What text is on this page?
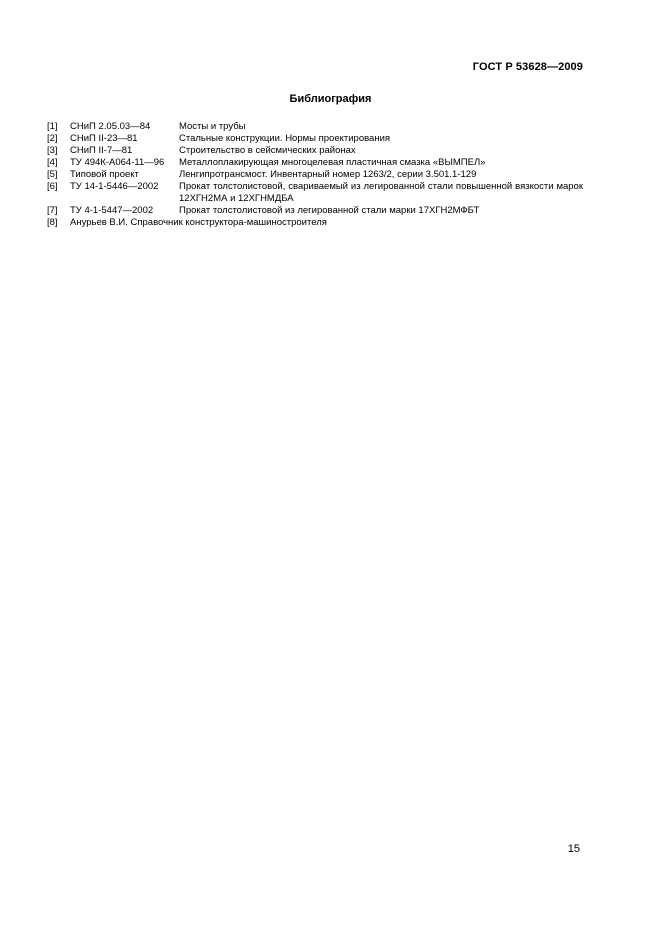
ГОСТ Р 53628—2009
Библиография
[1]	СНиП 2.05.03—84	Мосты и трубы
[2]	СНиП II-23—81	Стальные конструкции. Нормы проектирования
[3]	СНиП II-7—81	Строительство в сейсмических районах
[4]	ТУ 494К-А064-11—96	Металлоплакирующая многоцелевая пластичная смазка «ВЫМПЕЛ»
[5]	Типовой проект	Ленгипротрансмост. Инвентарный номер 1263/2, серии 3.501.1-129
[6]	ТУ 14-1-5446—2002	Прокат толстолистовой, свариваемый из легированной стали повышенной вязкости марок 12ХГН2МА и 12ХГНМДБА
[7]	ТУ 4-1-5447—2002	Прокат толстолистовой из легированной стали марки 17ХГН2МФБТ
[8]	Анурьев В.И. Справочник конструктора-машиностроителя
15
